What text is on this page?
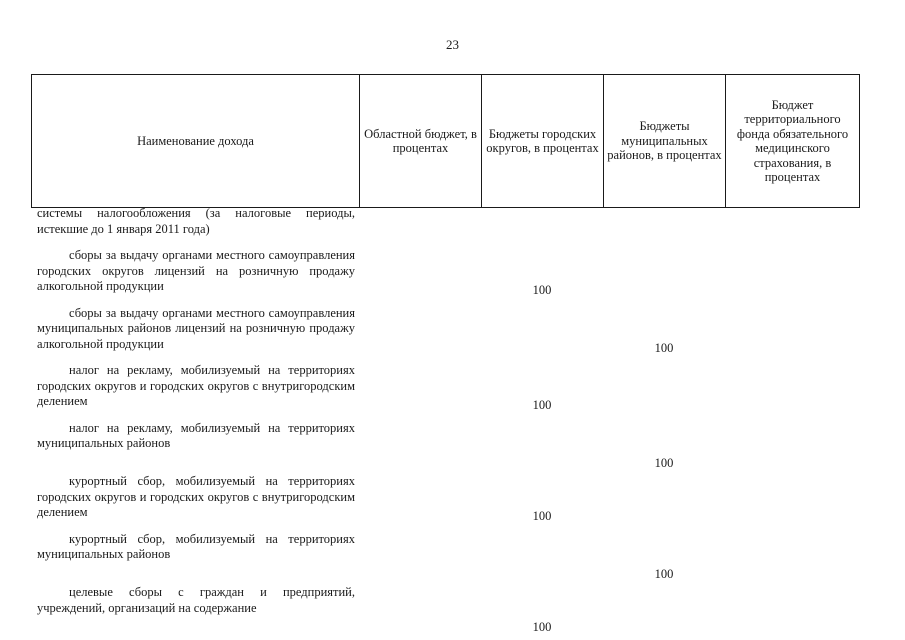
23
Наименование дохода	Областной бюджет, в процентах	Бюджеты городских округов, в процентах	Бюджеты муниципальных районов, в процентах	Бюджет территориального фонда обязательного медицинского страхования, в процентах
системы налогообложения (за налоговые периоды, истекшие до 1 января 2011 года)				
сборы за выдачу органами местного самоуправления городских округов лицензий на розничную продажу алкогольной продукции		100		
сборы за выдачу органами местного самоуправления муниципальных районов лицензий на розничную продажу алкогольной продукции			100	
налог на рекламу, мобилизуемый на территориях городских округов и городских округов с внутригородским делением		100		
налог на рекламу, мобилизуемый на территориях муниципальных районов			100	
курортный сбор, мобилизуемый на территориях городских округов и городских округов с внутригородским делением		100		
курортный сбор, мобилизуемый на территориях муниципальных районов			100	
целевые сборы с граждан и предприятий, учреждений, организаций на содержание		100		
